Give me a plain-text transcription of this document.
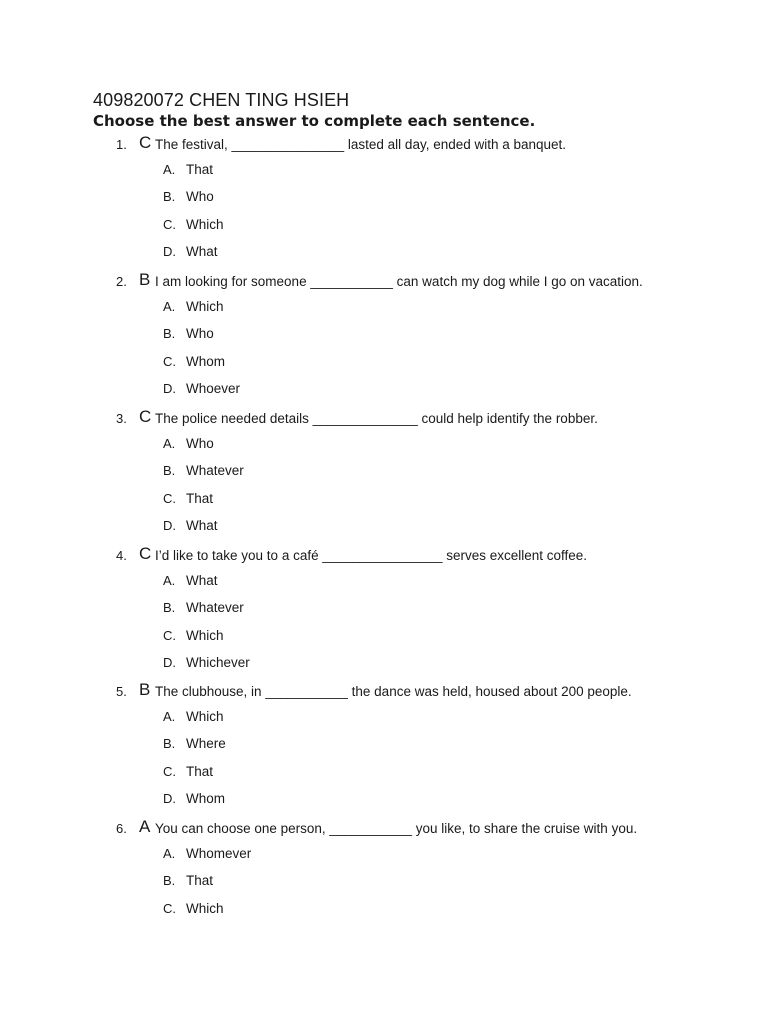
409820072 CHEN TING HSIEH
Choose the best answer to complete each sentence.
1. C The festival, _______________ lasted all day, ended with a banquet.
A. That
B. Who
C. Which
D. What
2. B I am looking for someone ___________ can watch my dog while I go on vacation.
A. Which
B. Who
C. Whom
D. Whoever
3. C The police needed details ______________ could help identify the robber.
A. Who
B. Whatever
C. That
D. What
4. C I’d like to take you to a café ________________ serves excellent coffee.
A. What
B. Whatever
C. Which
D. Whichever
5. B The clubhouse, in ___________ the dance was held, housed about 200 people.
A. Which
B. Where
C. That
D. Whom
6. A You can choose one person, ___________ you like, to share the cruise with you.
A. Whomever
B. That
C. Which
